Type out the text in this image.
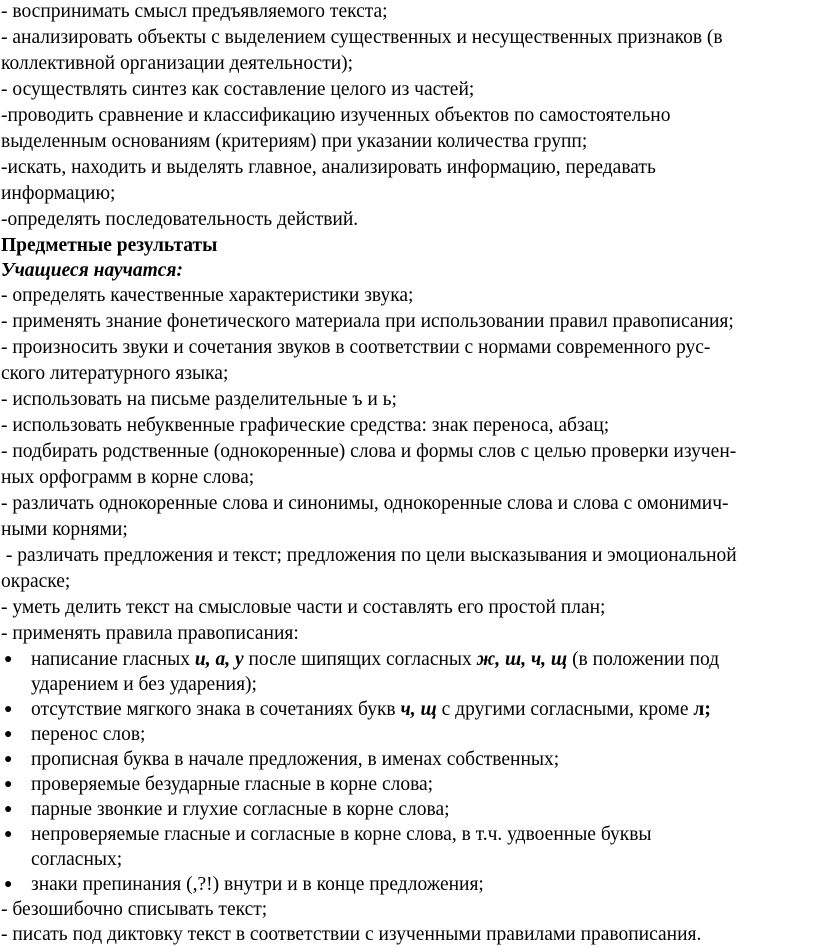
- воспринимать смысл предъявляемого текста;
- анализировать объекты с выделением существенных и несущественных признаков (в
коллективной организации деятельности);
- осуществлять синтез как составление целого из частей;
-проводить сравнение и классификацию изученных объектов по самостоятельно
выделенным основаниям (критериям) при указании количества групп;
-искать, находить и выделять главное, анализировать информацию, передавать
информацию;
-определять последовательность действий.
Предметные результаты
Учащиеся научатся:
- определять качественные характеристики звука;
- применять знание фонетического материала при использовании правил правописания;
- произносить звуки и сочетания звуков в соответствии с нормами современного рус-
ского литературного языка;
- использовать на письме разделительные ъ и ь;
- использовать небуквенные графические средства: знак переноса, абзац;
- подбирать родственные (однокоренные) слова и формы слов с целью проверки изучен-
ных орфограмм в корне слова;
- различать однокоренные слова и синонимы, однокоренные слова и слова с омонимич-
ными корнями;
- различать предложения и текст; предложения по цели высказывания и эмоциональной
окраске;
- уметь делить текст на смысловые части и составлять его простой план;
- применять правила правописания:
● написание гласных и, а, у после шипящих согласных ж, ш, ч, щ (в положении под
ударением и без ударения);
● отсутствие мягкого знака в сочетаниях букв ч, щ с другими согласными, кроме л;
● перенос слов;
● прописная буква в начале предложения, в именах собственных;
● проверяемые безударные гласные в корне слова;
● парные звонкие и глухие согласные в корне слова;
● непроверяемые гласные и согласные в корне слова, в т.ч. удвоенные буквы
согласных;
● знаки препинания (,?!) внутри и в конце предложения;
- безошибочно списывать текст;
- писать под диктовку текст в соответствии с изученными правилами правописания.
